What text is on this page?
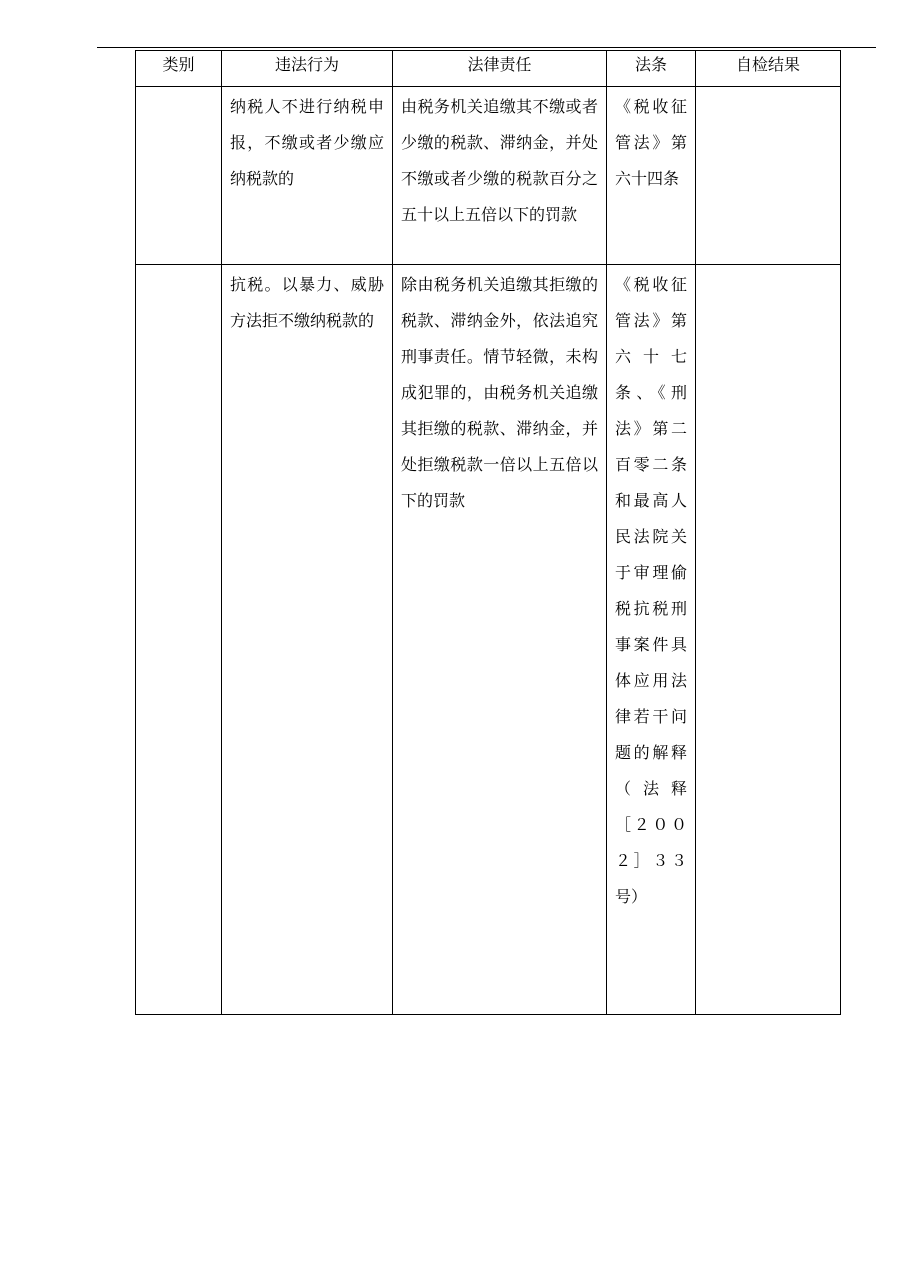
类别	违法行为	法律责任	法条	自检结果

	纳税人不进行纳税申报，不缴或者少缴应纳税款的	由税务机关追缴其不缴或者少缴的税款、滞纳金，并处不缴或者少缴的税款百分之五十以上五倍以下的罚款	《税收征管法》第六十四条	

	抗税。以暴力、威胁方法拒不缴纳税款的	除由税务机关追缴其拒缴的税款、滞纳金外，依法追究刑事责任。情节轻微，未构成犯罪的，由税务机关追缴其拒缴的税款、滞纳金，并处拒缴税款一倍以上五倍以下的罚款	《税收征管法》第六十七条、《刑法》第二百零二条和最高人民法院关于审理偷税抗税刑事案件具体应用法律若干问题的解释（法释［２００２］３３号）	
